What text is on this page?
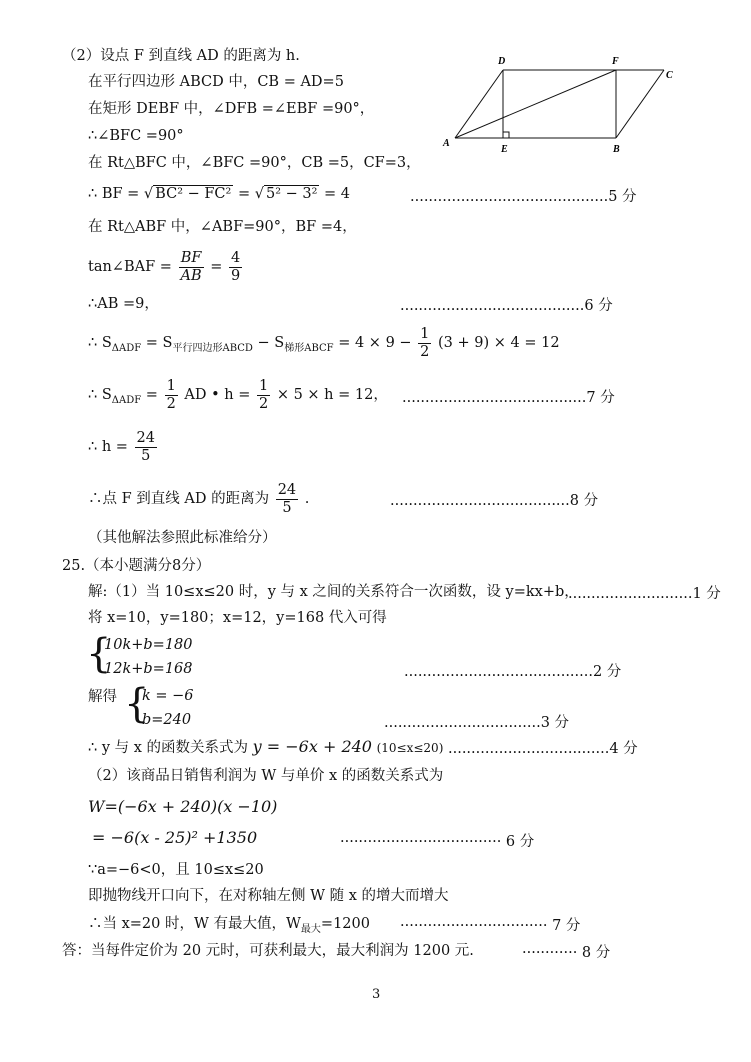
（2）设点 F 到直线 AD 的距离为 h.
在平行四边形 ABCD 中，CB = AD=5
在矩形 DEBF 中，∠DFB =∠EBF =90°，
∴∠BFC =90°
在 Rt△BFC 中，∠BFC =90°，CB =5，CF=3，
∴ BF = √ BC² − FC² = √ 5² − 3² = 4	...........................................5 分
在 Rt△ABF 中，∠ABF=90°，BF =4，
tan∠BAF = $\frac{BF}{AB} = \frac{4}{9}$
∴AB =9，	........................................6 分
∴ $S_{\Delta ADF} = S_{平行四边形ABCD} - S_{梯形ABCF} = 4 \times 9 - \frac{1}{2} (3 + 9) \times 4 = 12$
∴ $S_{\Delta ADF} = \frac{1}{2}$ AD • $h = \frac{1}{2} \times 5 \times h = 12$， ........................................7 分
∴ $h = \frac{24}{5}$
∴点 F 到直线 AD 的距离为 $\frac{24}{5}$ .	.......................................8 分
（其他解法参照此标准给分）
D	F
C
A
E	B
25.（本小题满分8分）
解:（1）当 10≤x≤20 时，y 与 x 之间的关系符合一次函数，设 y=kx+b，
...........................1 分
将 x=10，y=180；x=12，y=168 代入可得
{
10k+b=180
12k+b=168	.........................................2 分
解得 {
k = −6
b=240	..................................3 分
∴ y 与 x 的函数关系式为 y = −6x + 240 (10≤x≤20) ...................................4 分
（2）该商品日销售利润为 W 与单价 x 的函数关系式为
W=(−6x + 240)(x −10)
= −6(x - 25)² +1350	··································· 6 分
∵a=−6<0，且 10≤x≤20
即抛物线开口向下，在对称轴左侧 W 随 x 的增大而增大
∴当 x=20 时，W 有最大值，$W_{最大}=1200$ ································ 7 分
答：当每件定价为 20 元时，可获利最大，最大利润为 1200 元.	············ 8 分
3
